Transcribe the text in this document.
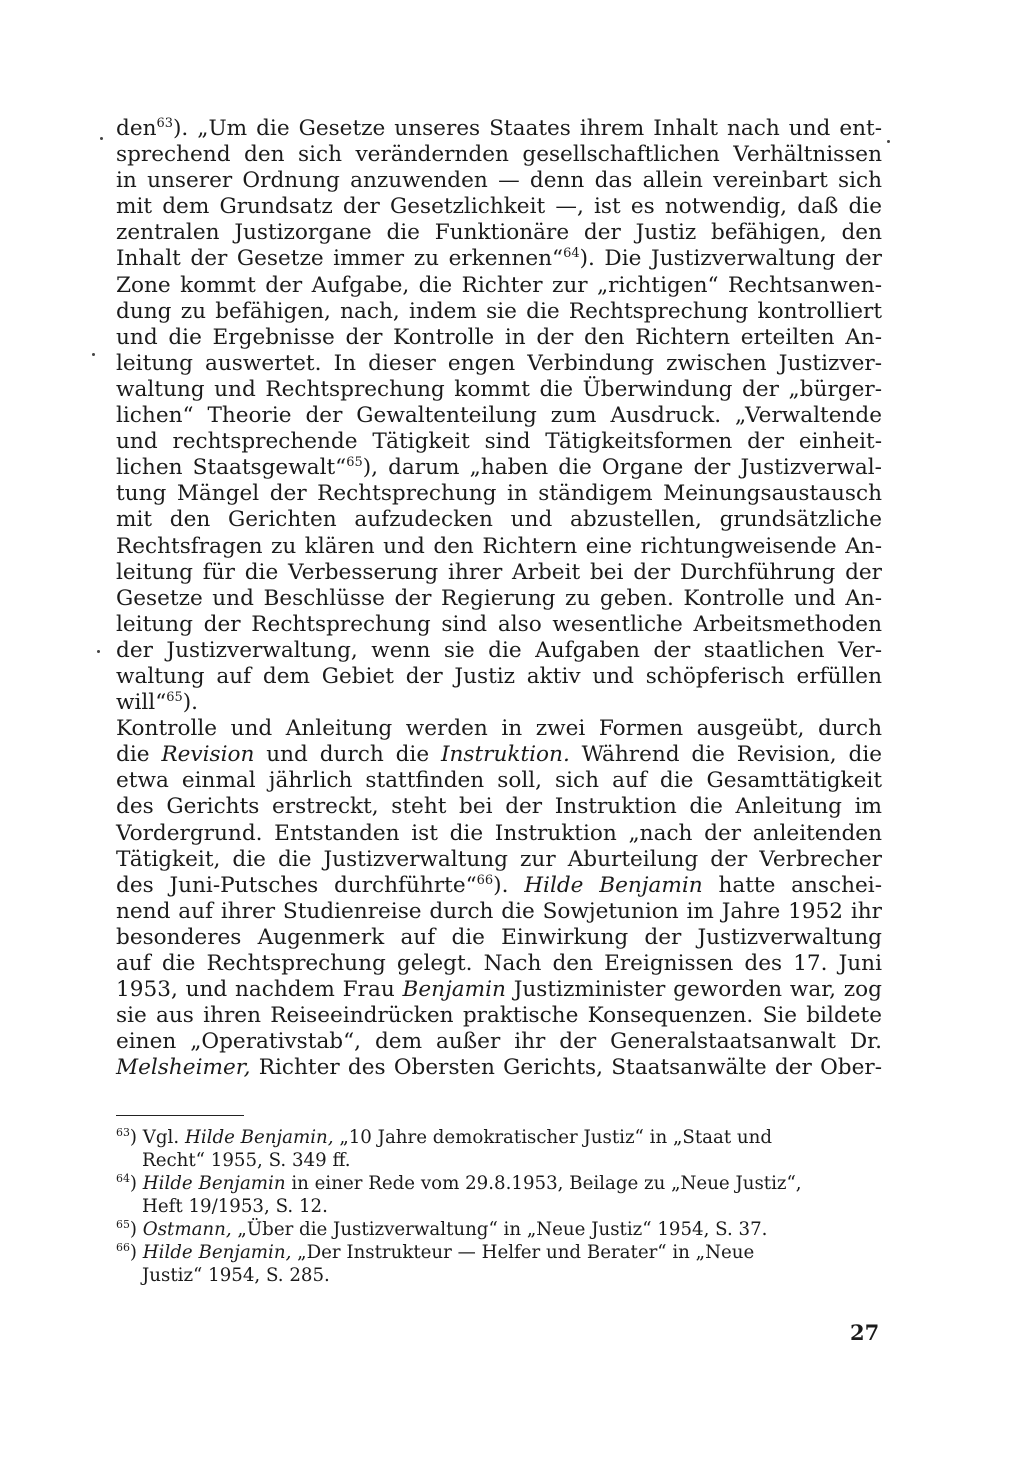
den$^{63}$). „Um die Gesetze unseres Staates ihrem Inhalt nach und ent-
sprechend den sich verändernden gesellschaftlichen Verhältnissen
in unserer Ordnung anzuwenden — denn das allein vereinbart sich
mit dem Grundsatz der Gesetzlichkeit —, ist es notwendig, daß die
zentralen Justizorgane die Funktionäre der Justiz befähigen, den
Inhalt der Gesetze immer zu erkennen“$^{64}$). Die Justizverwaltung der
Zone kommt der Aufgabe, die Richter zur „richtigen“ Rechtsanwen-
dung zu befähigen, nach, indem sie die Rechtsprechung kontrolliert
und die Ergebnisse der Kontrolle in der den Richtern erteilten An-
leitung auswertet. In dieser engen Verbindung zwischen Justizver-
waltung und Rechtsprechung kommt die Überwindung der „bürger-
lichen“ Theorie der Gewaltenteilung zum Ausdruck. „Verwaltende
und rechtsprechende Tätigkeit sind Tätigkeitsformen der einheit-
lichen Staatsgewalt“$^{65}$), darum „haben die Organe der Justizverwal-
tung Mängel der Rechtsprechung in ständigem Meinungsaustausch
mit den Gerichten aufzudecken und abzustellen, grundsätzliche
Rechtsfragen zu klären und den Richtern eine richtungweisende An-
leitung für die Verbesserung ihrer Arbeit bei der Durchführung der
Gesetze und Beschlüsse der Regierung zu geben. Kontrolle und An-
leitung der Rechtsprechung sind also wesentliche Arbeitsmethoden
der Justizverwaltung, wenn sie die Aufgaben der staatlichen Ver-
waltung auf dem Gebiet der Justiz aktiv und schöpferisch erfüllen
will“$^{65}$).
Kontrolle und Anleitung werden in zwei Formen ausgeübt, durch
die Revision und durch die Instruktion. Während die Revision, die
etwa einmal jährlich stattfinden soll, sich auf die Gesamttätigkeit
des Gerichts erstreckt, steht bei der Instruktion die Anleitung im
Vordergrund. Entstanden ist die Instruktion „nach der anleitenden
Tätigkeit, die die Justizverwaltung zur Aburteilung der Verbrecher
des Juni-Putsches durchführte“$^{66}$). Hilde Benjamin hatte anschei-
nend auf ihrer Studienreise durch die Sowjetunion im Jahre 1952 ihr
besonderes Augenmerk auf die Einwirkung der Justizverwaltung
auf die Rechtsprechung gelegt. Nach den Ereignissen des 17. Juni
1953, und nachdem Frau Benjamin Justizminister geworden war, zog
sie aus ihren Reiseeindrücken praktische Konsequenzen. Sie bildete
einen „Operativstab“, dem außer ihr der Generalstaatsanwalt Dr.
Melsheimer, Richter des Obersten Gerichts, Staatsanwälte der Ober-
$^{63}$) Vgl. Hilde Benjamin, „10 Jahre demokratischer Justiz“ in „Staat und
Recht“ 1955, S. 349 ff.
$^{64}$) Hilde Benjamin in einer Rede vom 29.8.1953, Beilage zu „Neue Justiz“,
Heft 19/1953, S. 12.
$^{65}$) Ostmann, „Über die Justizverwaltung“ in „Neue Justiz“ 1954, S. 37.
$^{66}$) Hilde Benjamin, „Der Instrukteur — Helfer und Berater“ in „Neue
Justiz“ 1954, S. 285.
27
